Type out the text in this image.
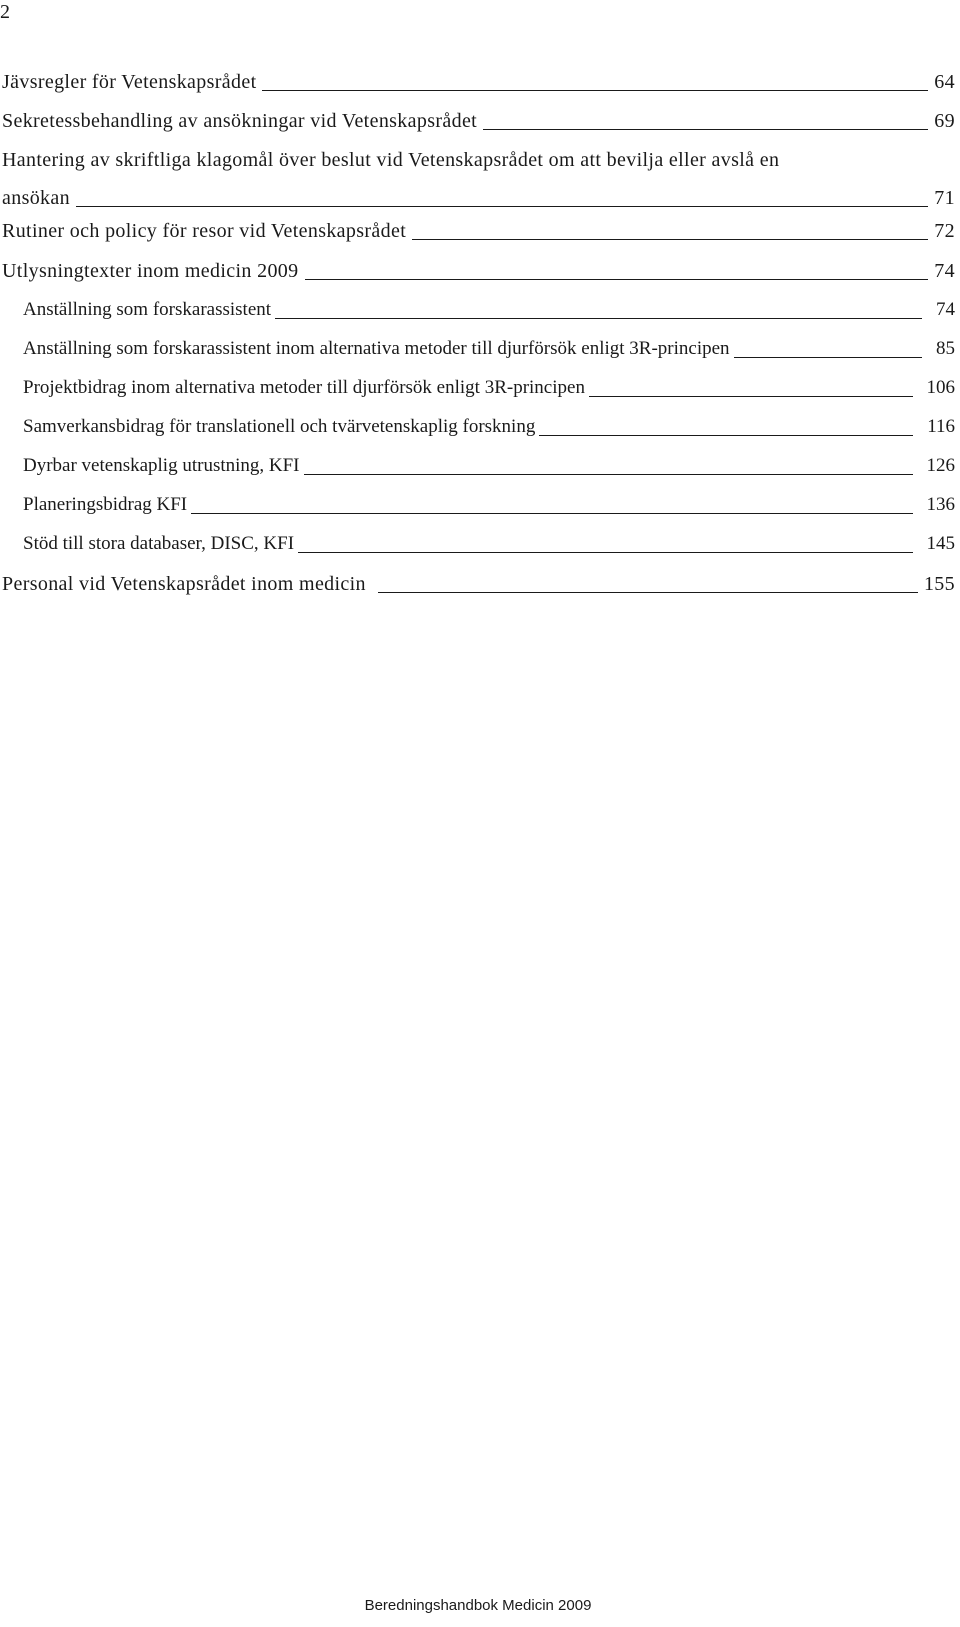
2
Jävsregler för Vetenskapsrådet	64
Sekretessbehandling av ansökningar vid Vetenskapsrådet	69
Hantering av skriftliga klagomål över beslut vid Vetenskapsrådet om att bevilja eller avslå en
ansökan	71
Rutiner och policy för resor vid Vetenskapsrådet	72
Utlysningtexter inom medicin 2009	74
Anställning som forskarassistent	74
Anställning som forskarassistent inom alternativa metoder till djurförsök enligt 3R-principen	85
Projektbidrag inom alternativa metoder till djurförsök enligt 3R-principen	106
Samverkansbidrag för translationell och tvärvetenskaplig forskning	116
Dyrbar vetenskaplig utrustning, KFI	126
Planeringsbidrag KFI	136
Stöd till stora databaser, DISC, KFI	145
Personal vid Vetenskapsrådet inom medicin	155
Beredningshandbok Medicin 2009
